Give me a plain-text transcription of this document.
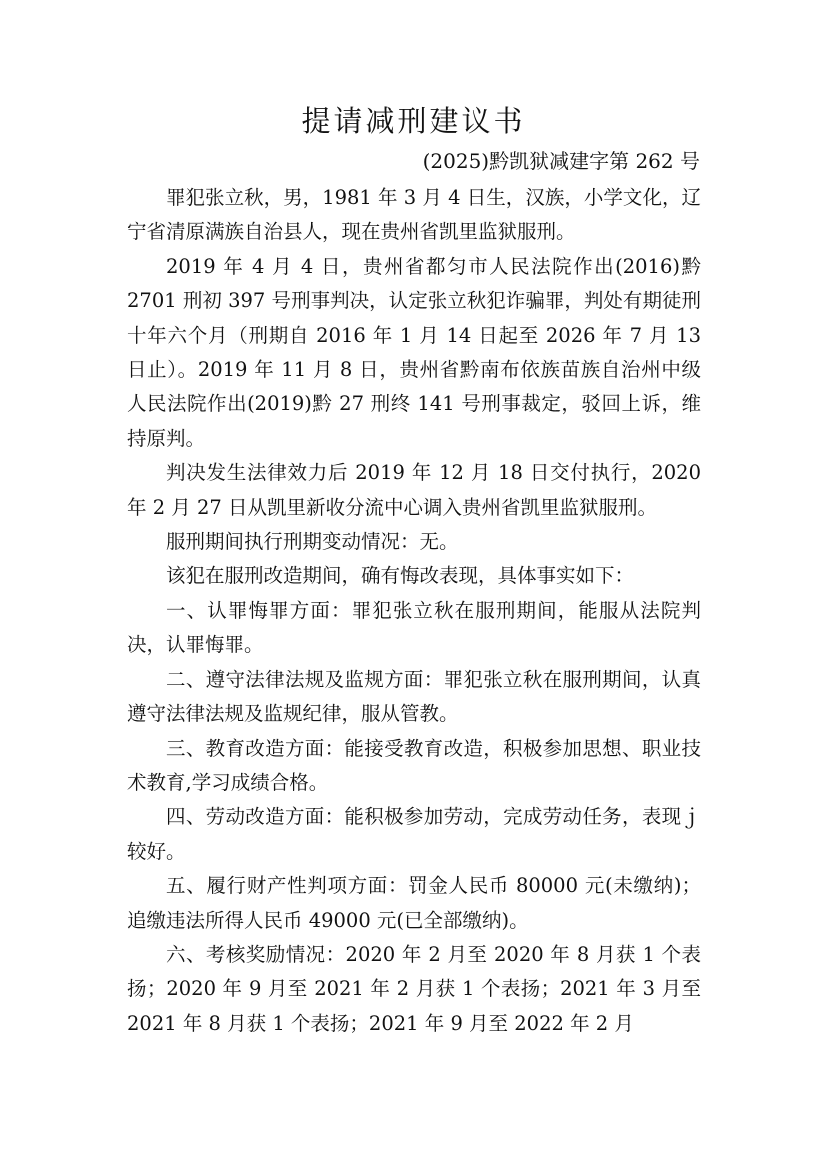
提请减刑建议书
(2025)黔凯狱减建字第 262 号

罪犯张立秋，男，1981 年 3 月 4 日生，汉族，小学文化，辽宁省清原满族自治县人，现在贵州省凯里监狱服刑。

2019 年 4 月 4 日，贵州省都匀市人民法院作出(2016)黔 2701 刑初 397 号刑事判决，认定张立秋犯诈骗罪，判处有期徒刑十年六个月（刑期自 2016 年 1 月 14 日起至 2026 年 7 月 13 日止）。2019 年 11 月 8 日，贵州省黔南布依族苗族自治州中级人民法院作出(2019)黔 27 刑终 141 号刑事裁定，驳回上诉，维持原判。

判决发生法律效力后 2019 年 12 月 18 日交付执行，2020 年 2 月 27 日从凯里新收分流中心调入贵州省凯里监狱服刑。

服刑期间执行刑期变动情况：无。

该犯在服刑改造期间，确有悔改表现，具体事实如下：

一、认罪悔罪方面：罪犯张立秋在服刑期间，能服从法院判决，认罪悔罪。

二、遵守法律法规及监规方面：罪犯张立秋在服刑期间，认真遵守法律法规及监规纪律，服从管教。

三、教育改造方面：能接受教育改造，积极参加思想、职业技术教育,学习成绩合格。

四、劳动改造方面：能积极参加劳动，完成劳动任务，表现ｊ较好。

五、履行财产性判项方面：罚金人民币 80000 元(未缴纳)；追缴违法所得人民币 49000 元(已全部缴纳)。

六、考核奖励情况：2020 年 2 月至 2020 年 8 月获 1 个表扬；2020 年 9 月至 2021 年 2 月获 1 个表扬；2021 年 3 月至 2021 年 8 月获 1 个表扬；2021 年 9 月至 2022 年 2 月
